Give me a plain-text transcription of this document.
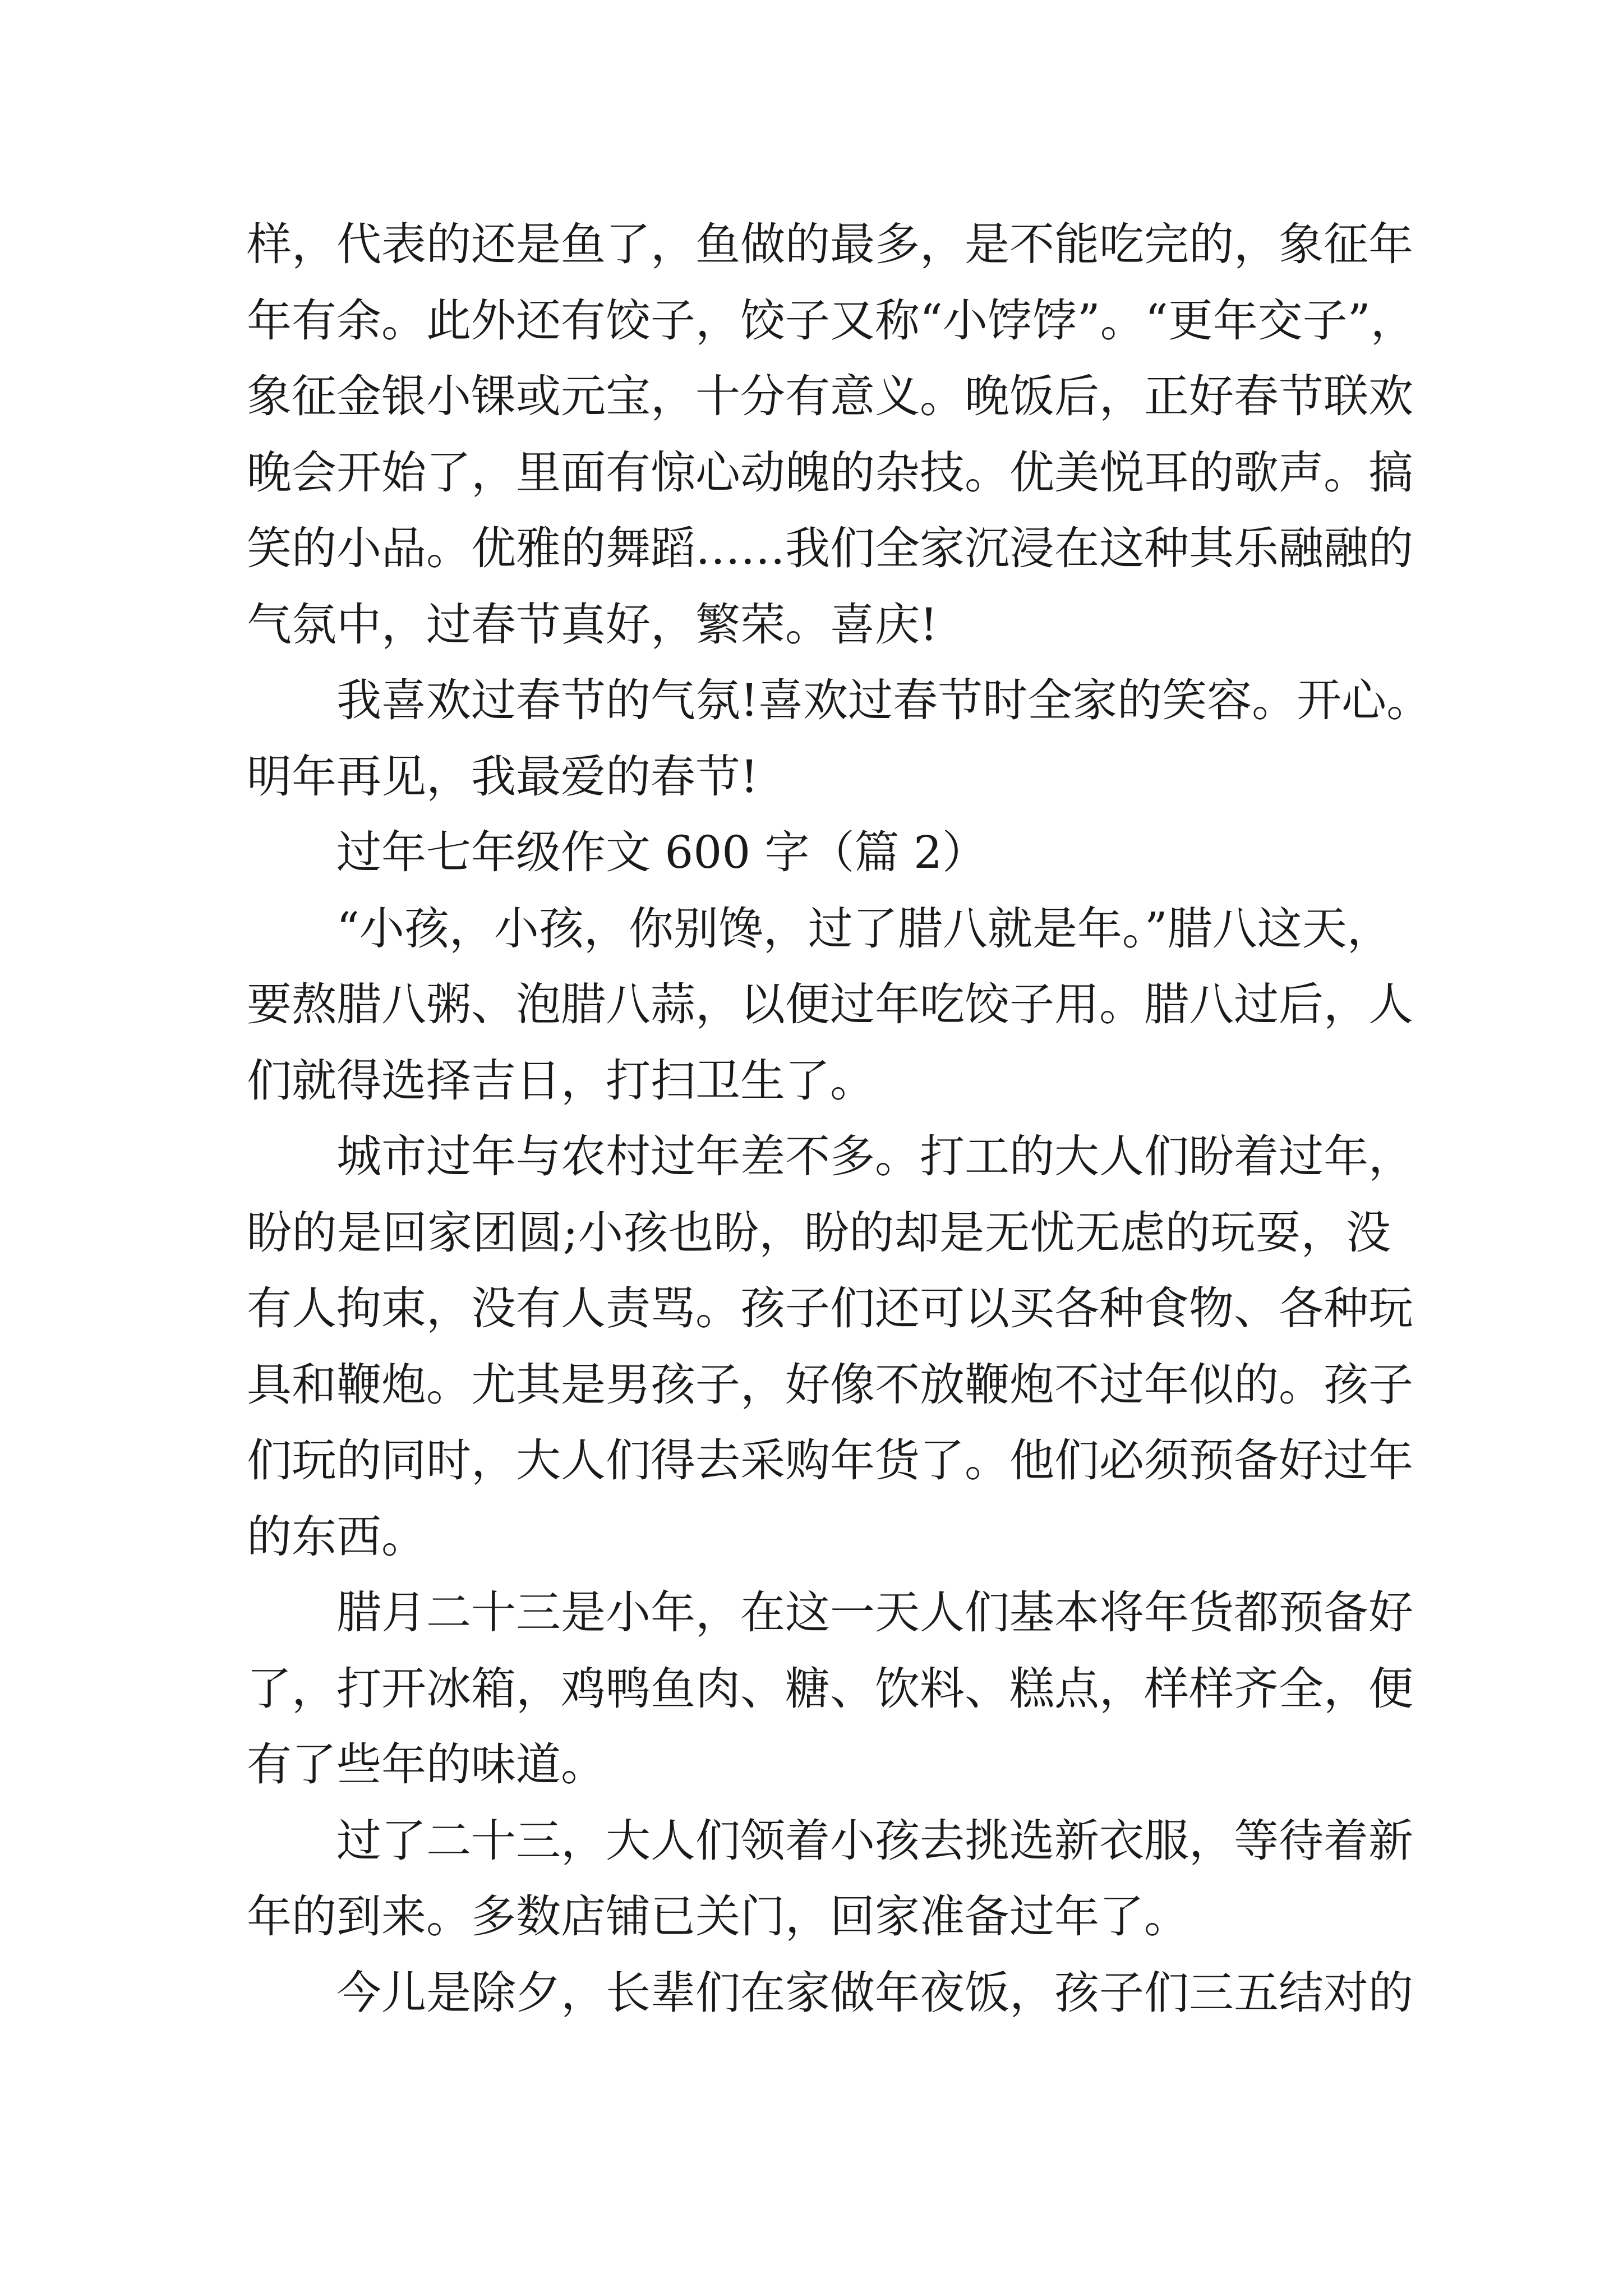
样，代表的还是鱼了，鱼做的最多，是不能吃完的，象征年
年有余。此外还有饺子，饺子又称“小饽饽”。“更年交子”，
象征金银小锞或元宝，十分有意义。晚饭后，正好春节联欢
晚会开始了，里面有惊心动魄的杂技。优美悦耳的歌声。搞
笑的小品。优雅的舞蹈……我们全家沉浸在这种其乐融融的
气氛中，过春节真好，繁荣。喜庆!
我喜欢过春节的气氛!喜欢过春节时全家的笑容。开心。
明年再见，我最爱的春节!
过年七年级作文 600 字（篇 2）
“小孩，小孩，你别馋，过了腊八就是年。”腊八这天，
要熬腊八粥、泡腊八蒜，以便过年吃饺子用。腊八过后，人
们就得选择吉日，打扫卫生了。
城市过年与农村过年差不多。打工的大人们盼着过年，
盼的是回家团圆;小孩也盼，盼的却是无忧无虑的玩耍，没
有人拘束，没有人责骂。孩子们还可以买各种食物、各种玩
具和鞭炮。尤其是男孩子，好像不放鞭炮不过年似的。孩子
们玩的同时，大人们得去采购年货了。他们必须预备好过年
的东西。
腊月二十三是小年，在这一天人们基本将年货都预备好
了，打开冰箱，鸡鸭鱼肉、糖、饮料、糕点，样样齐全，便
有了些年的味道。
过了二十三，大人们领着小孩去挑选新衣服，等待着新
年的到来。多数店铺已关门，回家准备过年了。
今儿是除夕，长辈们在家做年夜饭，孩子们三五结对的
